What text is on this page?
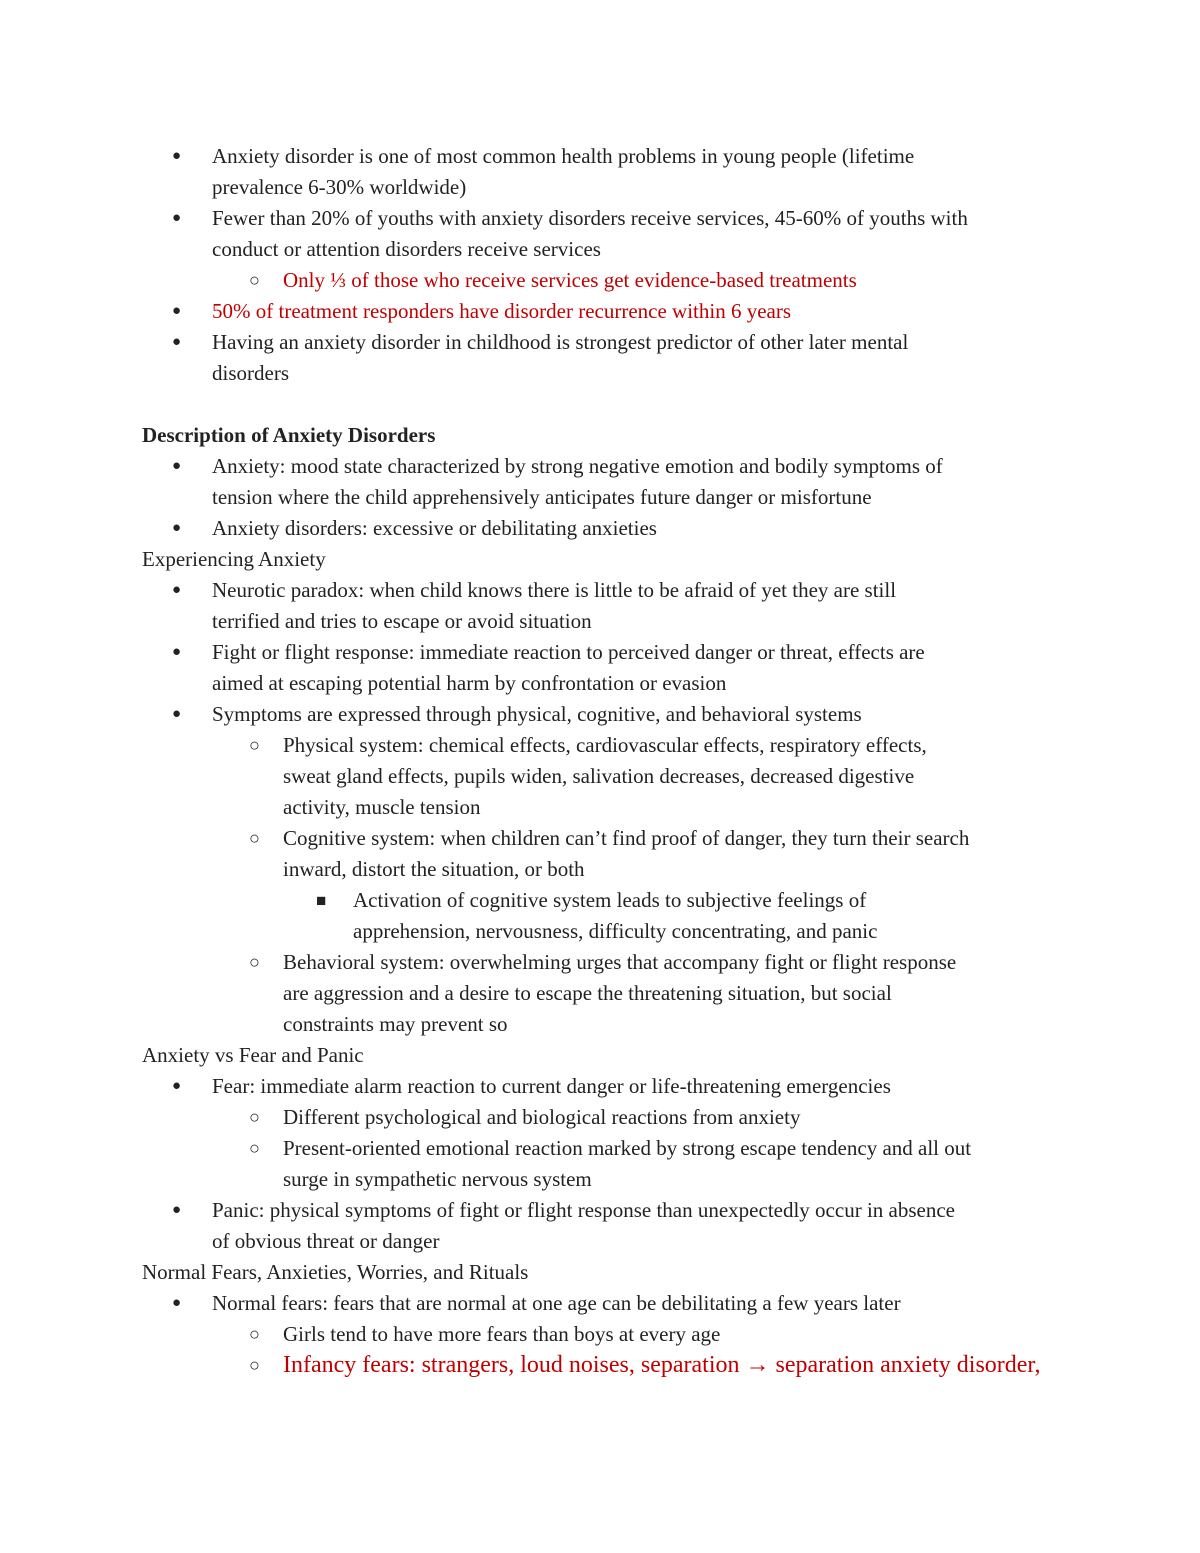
● Anxiety disorder is one of most common health problems in young people (lifetime
prevalence 6-30% worldwide)
● Fewer than 20% of youths with anxiety disorders receive services, 45-60% of youths with
conduct or attention disorders receive services
○ Only ⅓ of those who receive services get evidence-based treatments
● 50% of treatment responders have disorder recurrence within 6 years
● Having an anxiety disorder in childhood is strongest predictor of other later mental
disorders
Description of Anxiety Disorders
● Anxiety: mood state characterized by strong negative emotion and bodily symptoms of
tension where the child apprehensively anticipates future danger or misfortune
● Anxiety disorders: excessive or debilitating anxieties
Experiencing Anxiety
● Neurotic paradox: when child knows there is little to be afraid of yet they are still
terrified and tries to escape or avoid situation
● Fight or flight response: immediate reaction to perceived danger or threat, effects are
aimed at escaping potential harm by confrontation or evasion
● Symptoms are expressed through physical, cognitive, and behavioral systems
○ Physical system: chemical effects, cardiovascular effects, respiratory effects,
sweat gland effects, pupils widen, salivation decreases, decreased digestive
activity, muscle tension
○ Cognitive system: when children can’t find proof of danger, they turn their search
inward, distort the situation, or both
■ Activation of cognitive system leads to subjective feelings of
apprehension, nervousness, difficulty concentrating, and panic
○ Behavioral system: overwhelming urges that accompany fight or flight response
are aggression and a desire to escape the threatening situation, but social
constraints may prevent so
Anxiety vs Fear and Panic
● Fear: immediate alarm reaction to current danger or life-threatening emergencies
○ Different psychological and biological reactions from anxiety
○ Present-oriented emotional reaction marked by strong escape tendency and all out
surge in sympathetic nervous system
● Panic: physical symptoms of fight or flight response than unexpectedly occur in absence
of obvious threat or danger
Normal Fears, Anxieties, Worries, and Rituals
● Normal fears: fears that are normal at one age can be debilitating a few years later
○ Girls tend to have more fears than boys at every age
○ Infancy fears: strangers, loud noises, separation → separation anxiety disorder,
